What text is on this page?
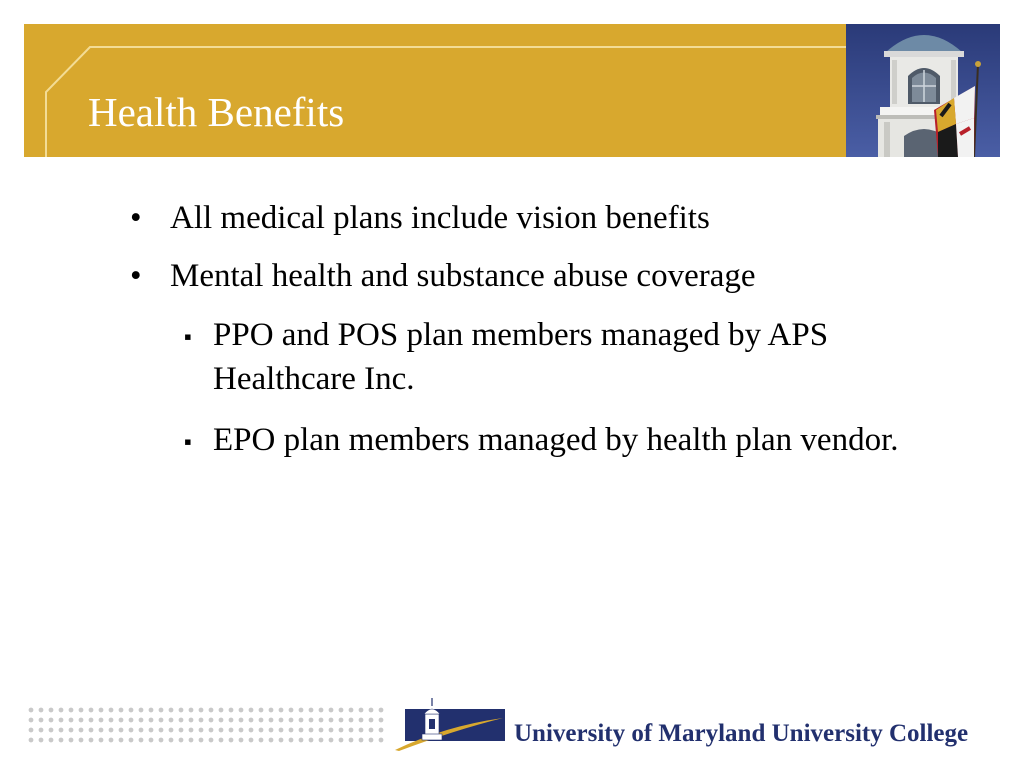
Health Benefits
• All medical plans include vision benefits
• Mental health and substance abuse coverage
▪ PPO and POS plan members managed by APS Healthcare Inc.
▪ EPO plan members managed by health plan vendor.
University of Maryland University College
